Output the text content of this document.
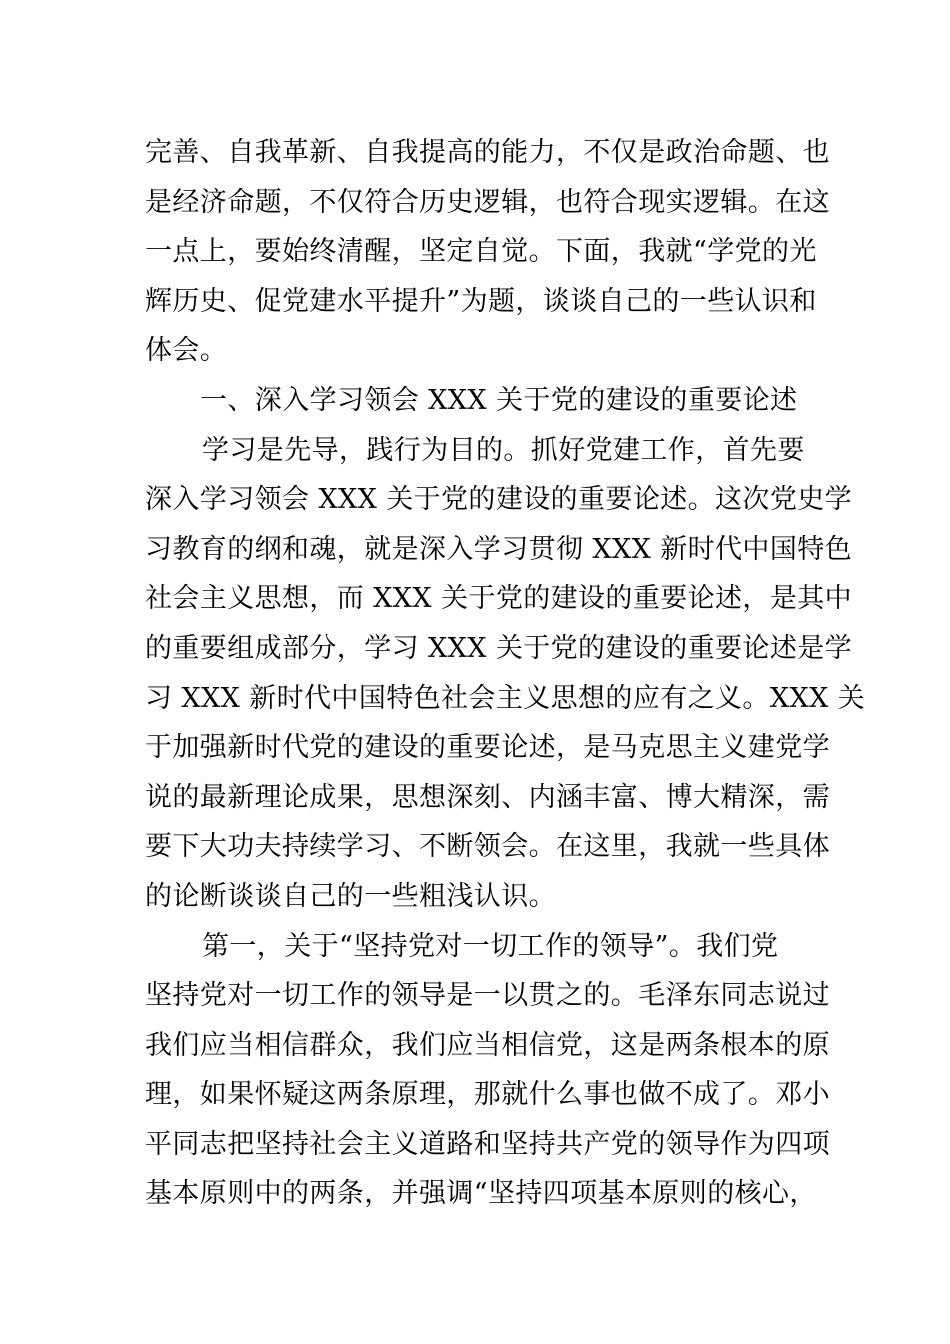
完善、自我革新、自我提高的能力，不仅是政治命题、也
是经济命题，不仅符合历史逻辑，也符合现实逻辑。在这
一点上，要始终清醒，坚定自觉。下面，我就“学党的光
辉历史、促党建水平提升”为题，谈谈自己的一些认识和
体会。
一、深入学习领会 XXX 关于党的建设的重要论述
学习是先导，践行为目的。抓好党建工作，首先要
深入学习领会 XXX 关于党的建设的重要论述。这次党史学
习教育的纲和魂，就是深入学习贯彻 XXX 新时代中国特色
社会主义思想，而 XXX 关于党的建设的重要论述，是其中
的重要组成部分，学习 XXX 关于党的建设的重要论述是学
习 XXX 新时代中国特色社会主义思想的应有之义。XXX 关
于加强新时代党的建设的重要论述，是马克思主义建党学
说的最新理论成果，思想深刻、内涵丰富、博大精深，需
要下大功夫持续学习、不断领会。在这里，我就一些具体
的论断谈谈自己的一些粗浅认识。
第一，关于“坚持党对一切工作的领导”。我们党
坚持党对一切工作的领导是一以贯之的。毛泽东同志说过
我们应当相信群众，我们应当相信党，这是两条根本的原
理，如果怀疑这两条原理，那就什么事也做不成了。邓小
平同志把坚持社会主义道路和坚持共产党的领导作为四项
基本原则中的两条，并强调“坚持四项基本原则的核心，
